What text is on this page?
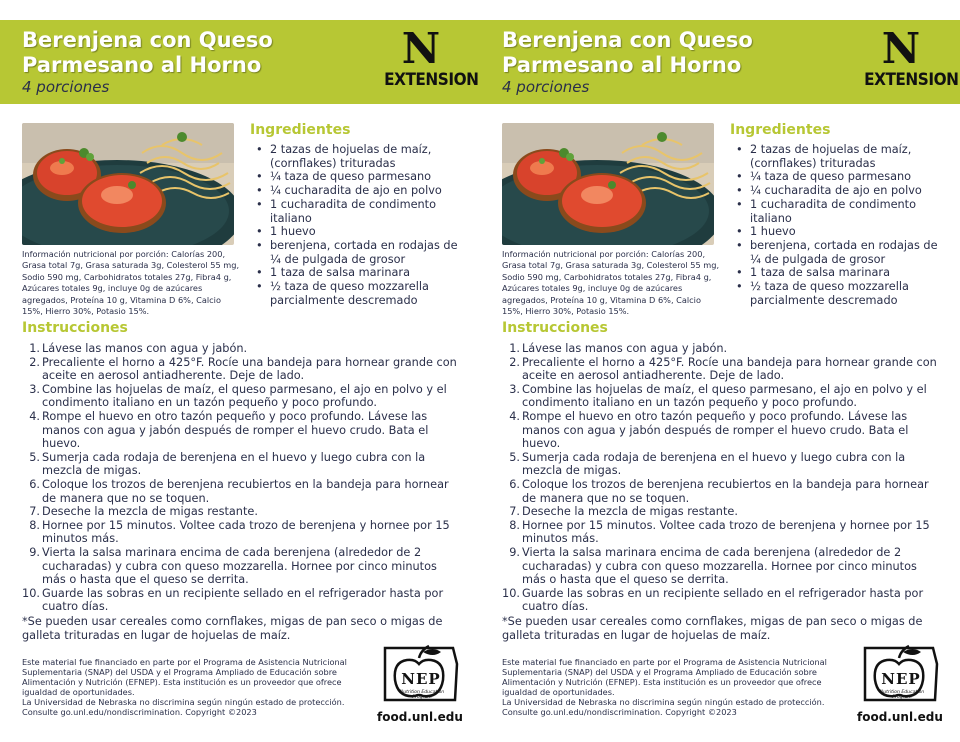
Berenjena con Queso
Parmesano al Horno
4 porciones
N
EXTENSION
Información nutricional por porción: Calorías 200, Grasa total 7g, Grasa saturada 3g, Colesterol 55 mg, Sodio 590 mg, Carbohidratos totales 27g, Fibra4 g, Azúcares totales 9g, incluye 0g de azúcares agregados, Proteína 10 g, Vitamina D 6%, Calcio 15%, Hierro 30%, Potasio 15%.
Ingredientes
• 2 tazas de hojuelas de maíz, (cornflakes) trituradas
• ¼ taza de queso parmesano
• ¼ cucharadita de ajo en polvo
• 1 cucharadita de condimento italiano
• 1 huevo
• berenjena, cortada en rodajas de ¼ de pulgada de grosor
• 1 taza de salsa marinara
• ½ taza de queso mozzarella parcialmente descremado
Instrucciones
1. Lávese las manos con agua y jabón.
2. Precaliente el horno a 425°F. Rocíe una bandeja para hornear grande con aceite en aerosol antiadherente. Deje de lado.
3. Combine las hojuelas de maíz, el queso parmesano, el ajo en polvo y el condimento italiano en un tazón pequeño y poco profundo.
4. Rompe el huevo en otro tazón pequeño y poco profundo. Lávese las manos con agua y jabón después de romper el huevo crudo. Bata el huevo.
5. Sumerja cada rodaja de berenjena en el huevo y luego cubra con la mezcla de migas.
6. Coloque los trozos de berenjena recubiertos en la bandeja para hornear de manera que no se toquen.
7. Deseche la mezcla de migas restante.
8. Hornee por 15 minutos. Voltee cada trozo de berenjena y hornee por 15 minutos más.
9. Vierta la salsa marinara encima de cada berenjena (alrededor de 2 cucharadas) y cubra con queso mozzarella. Hornee por cinco minutos más o hasta que el queso se derrita.
10. Guarde las sobras en un recipiente sellado en el refrigerador hasta por cuatro días.
*Se pueden usar cereales como cornflakes, migas de pan seco o migas de galleta trituradas en lugar de hojuelas de maíz.
Este material fue financiado en parte por el Programa de Asistencia Nutricional Suplementaria (SNAP) del USDA y el Programa Ampliado de Educación sobre Alimentación y Nutrición (EFNEP). Esta institución es un proveedor que ofrece igualdad de oportunidades.
La Universidad de Nebraska no discrimina según ningún estado de protección. Consulte go.unl.edu/nondiscrimination. Copyright ©2023
NEP
Nutrition Education Program
food.unl.edu
Berenjena con Queso
Parmesano al Horno
4 porciones
N
EXTENSION
Información nutricional por porción: Calorías 200, Grasa total 7g, Grasa saturada 3g, Colesterol 55 mg, Sodio 590 mg, Carbohidratos totales 27g, Fibra4 g, Azúcares totales 9g, incluye 0g de azúcares agregados, Proteína 10 g, Vitamina D 6%, Calcio 15%, Hierro 30%, Potasio 15%.
Ingredientes
• 2 tazas de hojuelas de maíz, (cornflakes) trituradas
• ¼ taza de queso parmesano
• ¼ cucharadita de ajo en polvo
• 1 cucharadita de condimento italiano
• 1 huevo
• berenjena, cortada en rodajas de ¼ de pulgada de grosor
• 1 taza de salsa marinara
• ½ taza de queso mozzarella parcialmente descremado
Instrucciones
1. Lávese las manos con agua y jabón.
2. Precaliente el horno a 425°F. Rocíe una bandeja para hornear grande con aceite en aerosol antiadherente. Deje de lado.
3. Combine las hojuelas de maíz, el queso parmesano, el ajo en polvo y el condimento italiano en un tazón pequeño y poco profundo.
4. Rompe el huevo en otro tazón pequeño y poco profundo. Lávese las manos con agua y jabón después de romper el huevo crudo. Bata el huevo.
5. Sumerja cada rodaja de berenjena en el huevo y luego cubra con la mezcla de migas.
6. Coloque los trozos de berenjena recubiertos en la bandeja para hornear de manera que no se toquen.
7. Deseche la mezcla de migas restante.
8. Hornee por 15 minutos. Voltee cada trozo de berenjena y hornee por 15 minutos más.
9. Vierta la salsa marinara encima de cada berenjena (alrededor de 2 cucharadas) y cubra con queso mozzarella. Hornee por cinco minutos más o hasta que el queso se derrita.
10. Guarde las sobras en un recipiente sellado en el refrigerador hasta por cuatro días.
*Se pueden usar cereales como cornflakes, migas de pan seco o migas de galleta trituradas en lugar de hojuelas de maíz.
Este material fue financiado en parte por el Programa de Asistencia Nutricional Suplementaria (SNAP) del USDA y el Programa Ampliado de Educación sobre Alimentación y Nutrición (EFNEP). Esta institución es un proveedor que ofrece igualdad de oportunidades.
La Universidad de Nebraska no discrimina según ningún estado de protección. Consulte go.unl.edu/nondiscrimination. Copyright ©2023
NEP
Nutrition Education Program
food.unl.edu
